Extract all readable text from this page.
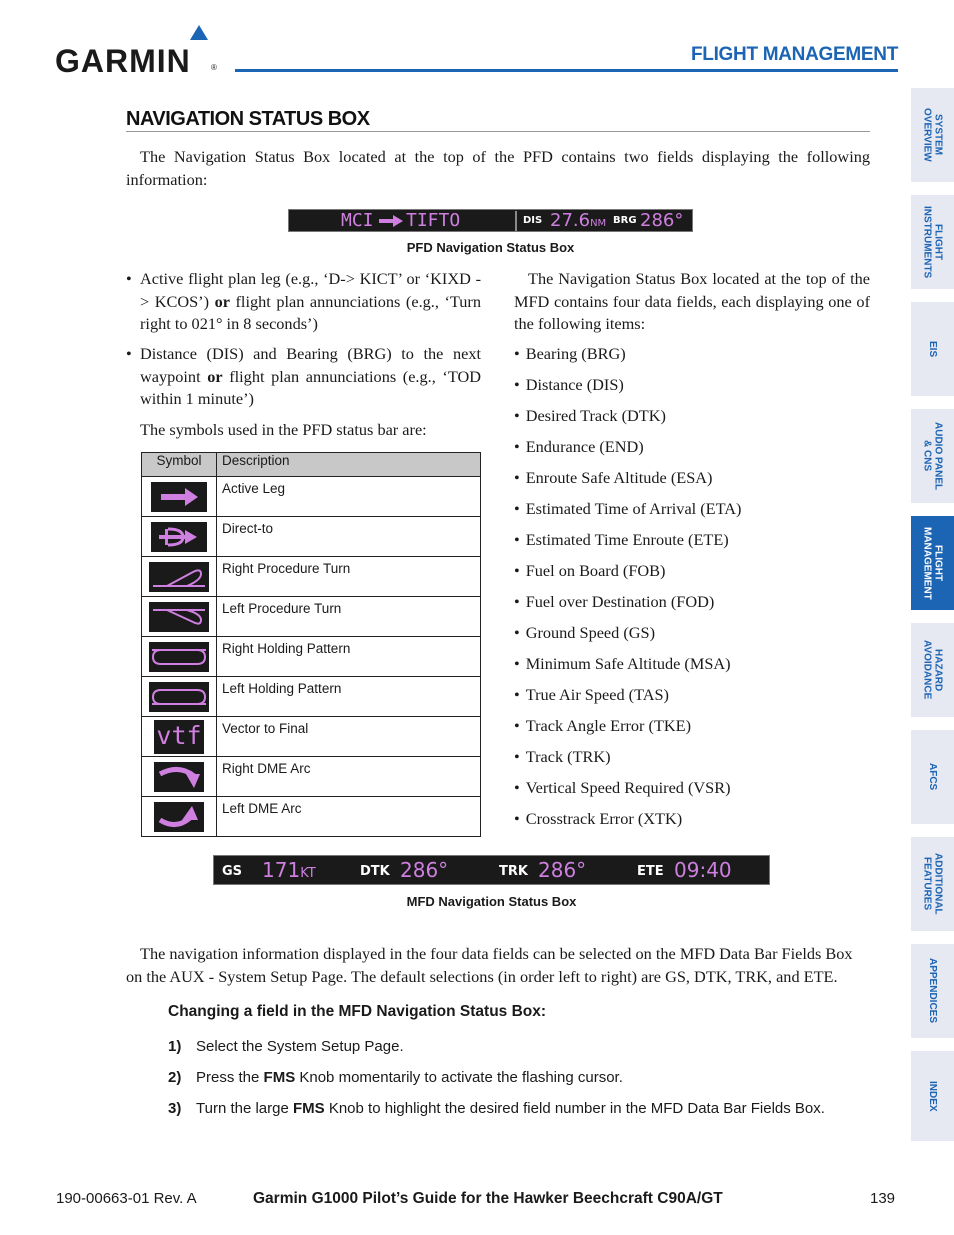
GARMIN	®
FLIGHT MANAGEMENT
SYSTEM
OVERVIEW
FLIGHT
INSTRUMENTS
EIS
AUDIO PANEL
& CNS
FLIGHT
MANAGEMENT
HAZARD
AVOIDANCE
AFCS
ADDITIONAL
FEATURES
APPENDICES
INDEX
NAVIGATION STATUS BOX
The Navigation Status Box located at the top of the PFD contains two fields displaying the following information:
MCI TIFTO	DIS 27.6NM BRG 286°
PFD Navigation Status Box
• Active flight plan leg (e.g., ‘D-> KICT’ or ‘KIXD - > KCOS’) or flight plan annunciations (e.g., ‘Turn right to 021° in 8 seconds’)
• Distance (DIS) and Bearing (BRG) to the next waypoint or flight plan annunciations (e.g., ‘TOD within 1 minute’)
The symbols used in the PFD status bar are:
Symbol	Description

	Active Leg

	Direct-to

	Right Procedure Turn

	Left Procedure Turn

	Right Holding Pattern

	Left Holding Pattern

vtf	Vector to Final

	Right DME Arc

	Left DME Arc
The Navigation Status Box located at the top of the MFD contains four data fields, each displaying one of the following items:
• Bearing (BRG)
• Distance (DIS)
• Desired Track (DTK)
• Endurance (END)
• Enroute Safe Altitude (ESA)
• Estimated Time of Arrival (ETA)
• Estimated Time Enroute (ETE)
• Fuel on Board (FOB)
• Fuel over Destination (FOD)
• Ground Speed (GS)
• Minimum Safe Altitude (MSA)
• True Air Speed (TAS)
• Track Angle Error (TKE)
• Track (TRK)
• Vertical Speed Required (VSR)
• Crosstrack Error (XTK)
GS 171KT	DTK 286°	TRK 286°	ETE 09:40
MFD Navigation Status Box
The navigation information displayed in the four data fields can be selected on the MFD Data Bar Fields Box on the AUX - System Setup Page. The default selections (in order left to right) are GS, DTK, TRK, and ETE.
Changing a field in the MFD Navigation Status Box:
1) Select the System Setup Page.
2) Press the FMS Knob momentarily to activate the flashing cursor.
3) Turn the large FMS Knob to highlight the desired field number in the MFD Data Bar Fields Box.
190-00663-01 Rev. A	Garmin G1000 Pilot’s Guide for the Hawker Beechcraft C90A/GT	139
